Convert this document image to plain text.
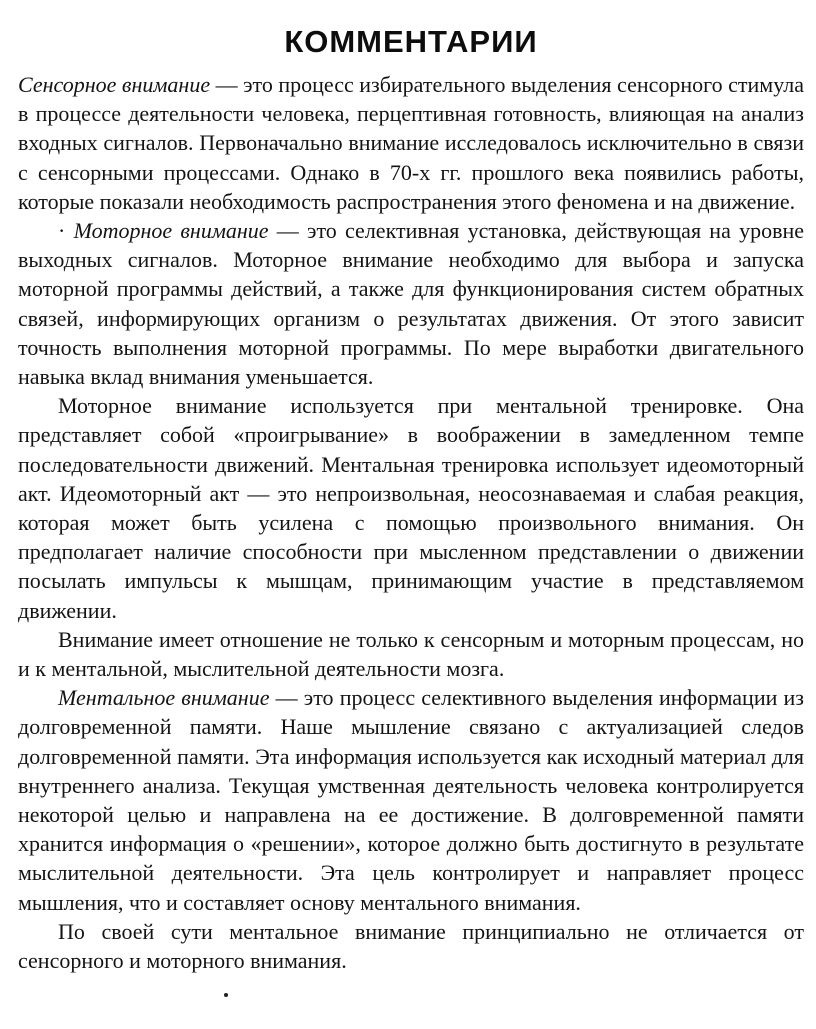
КОММЕНТАРИИ

Сенсорное внимание — это процесс избирательного выделения сенсорного стимула в процессе деятельности человека, перцептивная готовность, влияющая на анализ входных сигналов. Первоначально внимание исследовалось исключительно в связи с сенсорными процессами. Однако в 70-х гг. прошлого века появились работы, которые показали необходимость распространения этого феномена и на движение.

· Моторное внимание — это селективная установка, действующая на уровне выходных сигналов. Моторное внимание необходимо для выбора и запуска моторной программы действий, а также для функционирования систем обратных связей, информирующих организм о результатах движения. От этого зависит точность выполнения моторной программы. По мере выработки двигательного навыка вклад внимания уменьшается.

Моторное внимание используется при ментальной тренировке. Она представляет собой «проигрывание» в воображении в замедленном темпе последовательности движений. Ментальная тренировка использует идеомоторный акт. Идеомоторный акт — это непроизвольная, неосознаваемая и слабая реакция, которая может быть усилена с помощью произвольного внимания. Он предполагает наличие способности при мысленном представлении о движении посылать импульсы к мышцам, принимающим участие в представляемом движении.

Внимание имеет отношение не только к сенсорным и моторным процессам, но и к ментальной, мыслительной деятельности мозга.

Ментальное внимание — это процесс селективного выделения информации из долговременной памяти. Наше мышление связано с актуализацией следов долговременной памяти. Эта информация используется как исходный материал для внутреннего анализа. Текущая умственная деятельность человека контролируется некоторой целью и направлена на ее достижение. В долговременной памяти хранится информация о «решении», которое должно быть достигнуто в результате мыслительной деятельности. Эта цель контролирует и направляет процесс мышления, что и составляет основу ментального внимания.

По своей сути ментальное внимание принципиально не отличается от сенсорного и моторного внимания.
